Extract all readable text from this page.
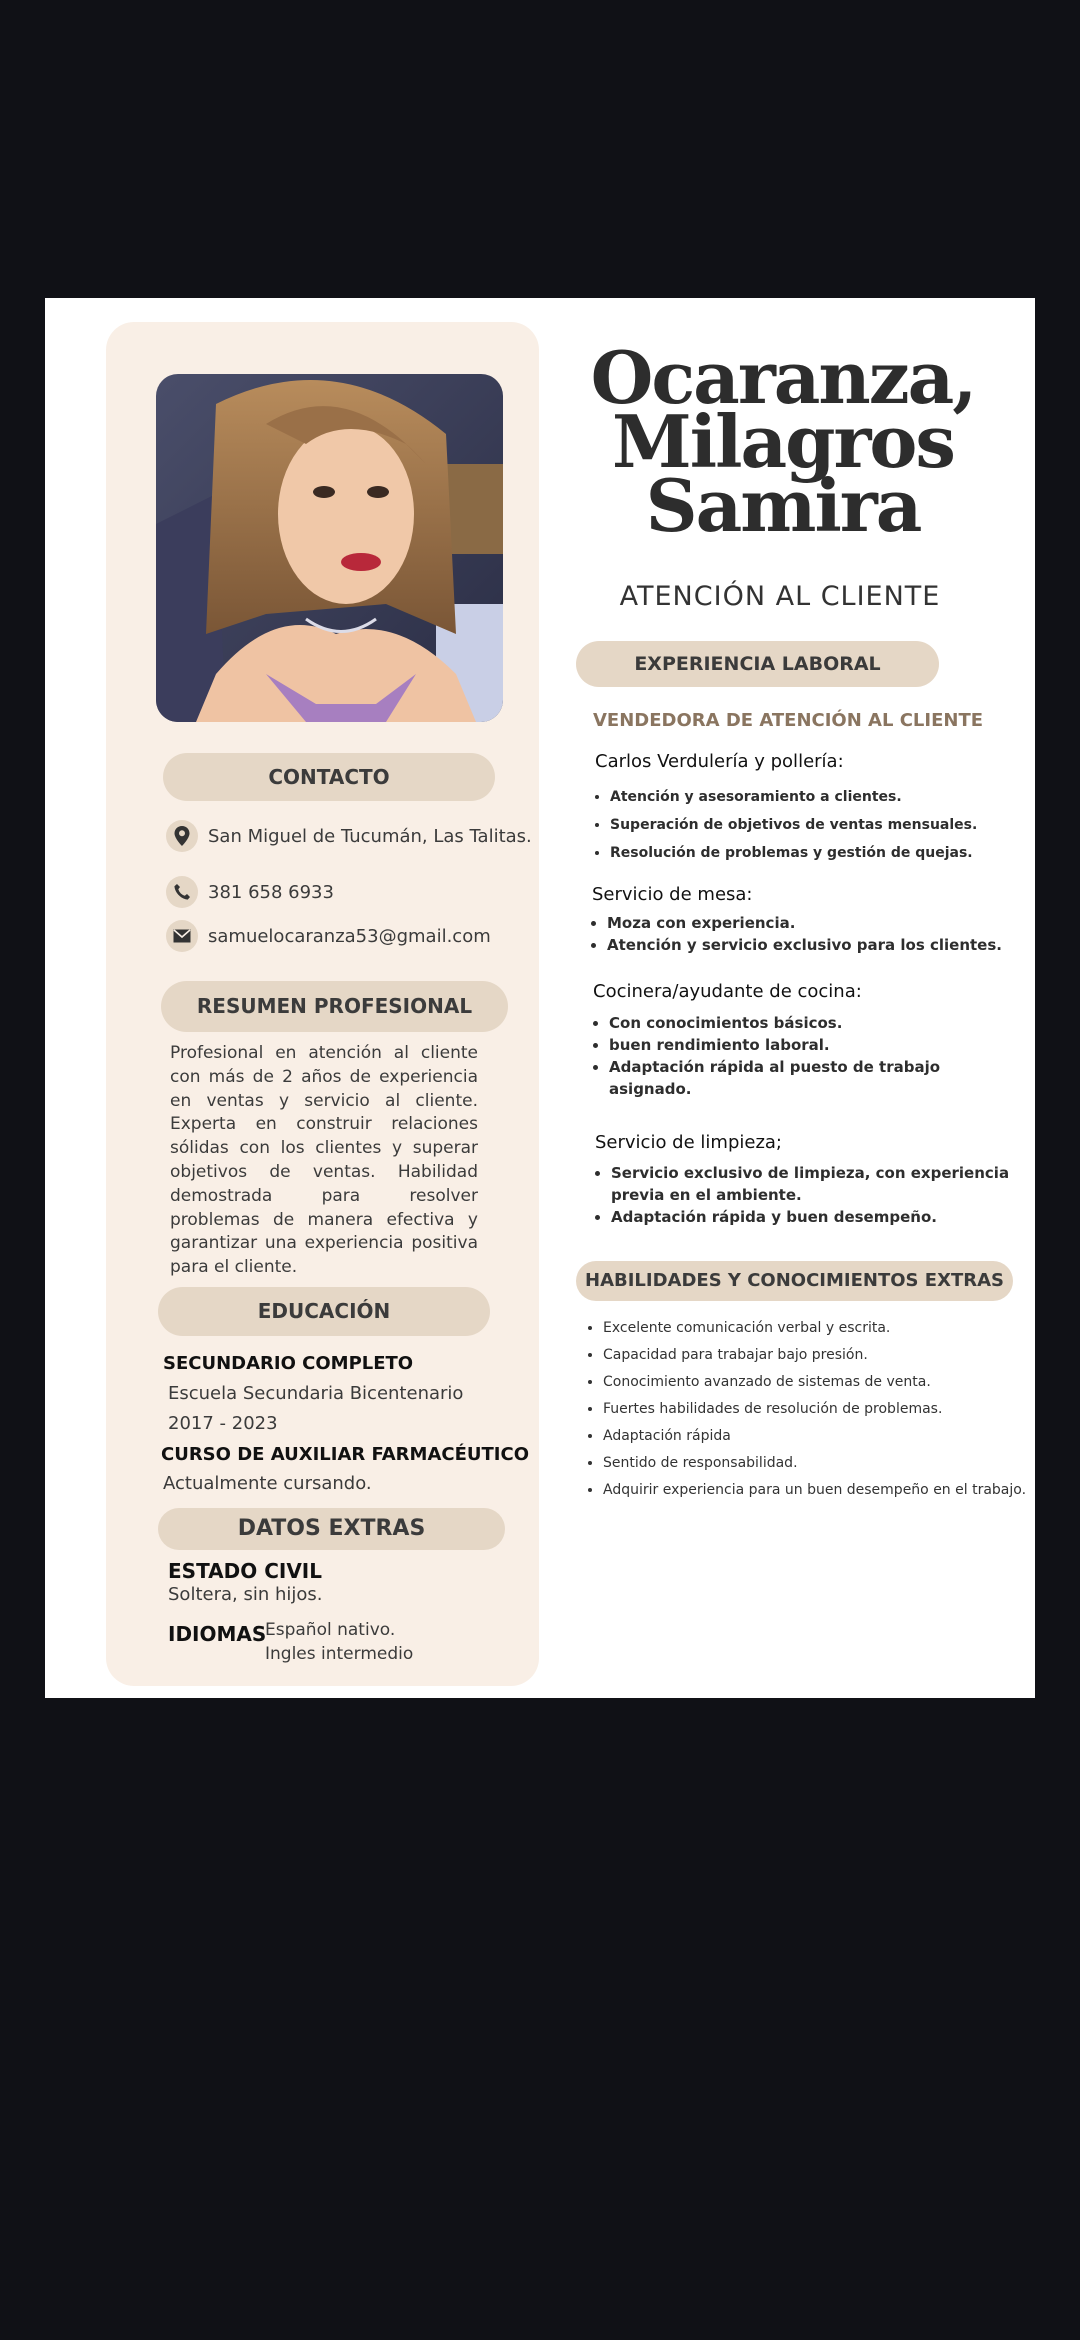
CONTACTO
San Miguel de Tucumán, Las Talitas.
381 658 6933
samuelocaranza53@gmail.com
RESUMEN PROFESIONAL
Profesional en atención al cliente con más de 2 años de experiencia en ventas y servicio al cliente. Experta en construir relaciones sólidas con los clientes y superar objetivos de ventas. Habilidad demostrada para resolver problemas de manera efectiva y garantizar una experiencia positiva para el cliente.
EDUCACIÓN
SECUNDARIO COMPLETO
Escuela Secundaria Bicentenario
2017 - 2023
CURSO DE AUXILIAR FARMACÉUTICO
Actualmente cursando.
DATOS EXTRAS
ESTADO CIVIL
Soltera, sin hijos.
IDIOMAS
Español nativo.
Ingles intermedio
Ocaranza,
Milagros
Samira
ATENCIÓN AL CLIENTE
EXPERIENCIA LABORAL
VENDEDORA DE ATENCIÓN AL CLIENTE
Carlos Verdulería y pollería:
• Atención y asesoramiento a clientes.
• Superación de objetivos de ventas mensuales.
• Resolución de problemas y gestión de quejas.
Servicio de mesa:
• Moza con experiencia.
• Atención y servicio exclusivo para los clientes.
Cocinera/ayudante de cocina:
• Con conocimientos básicos.
• buen rendimiento laboral.
• Adaptación rápida al puesto de trabajo
asignado.
Servicio de limpieza;
• Servicio exclusivo de limpieza, con experiencia
previa en el ambiente.
• Adaptación rápida y buen desempeño.
HABILIDADES Y CONOCIMIENTOS EXTRAS
• Excelente comunicación verbal y escrita.
• Capacidad para trabajar bajo presión.
• Conocimiento avanzado de sistemas de venta.
• Fuertes habilidades de resolución de problemas.
• Adaptación rápida
• Sentido de responsabilidad.
• Adquirir experiencia para un buen desempeño en el trabajo.
